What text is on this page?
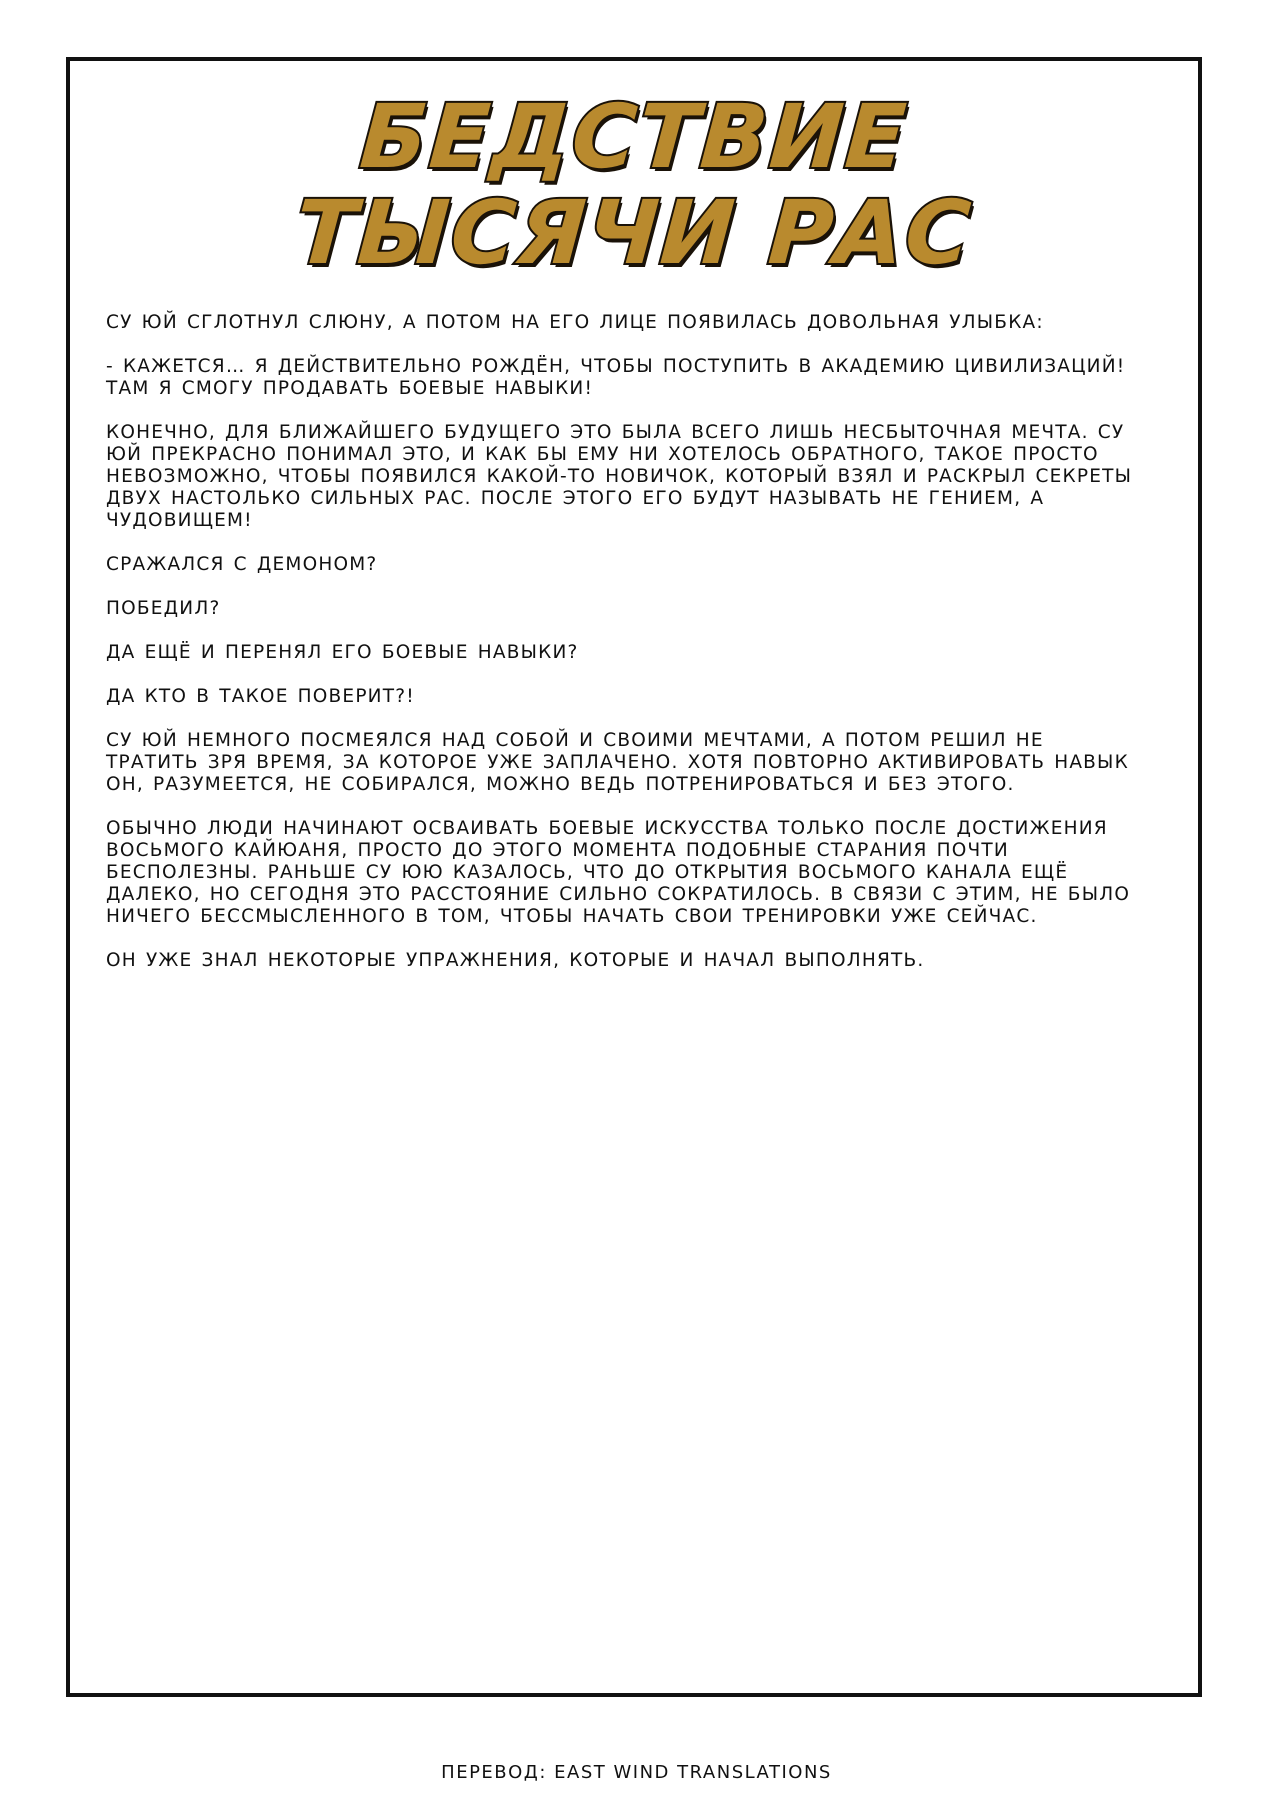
БЕДСТВИЕ
ТЫСЯЧИ РАС

СУ ЮЙ СГЛОТНУЛ СЛЮНУ, А ПОТОМ НА ЕГО ЛИЦЕ ПОЯВИЛАСЬ ДОВОЛЬНАЯ УЛЫБКА:

- КАЖЕТСЯ… Я ДЕЙСТВИТЕЛЬНО РОЖДЁН, ЧТОБЫ ПОСТУПИТЬ В АКАДЕМИЮ ЦИВИЛИЗАЦИЙ!
ТАМ Я СМОГУ ПРОДАВАТЬ БОЕВЫЕ НАВЫКИ!

КОНЕЧНО, ДЛЯ БЛИЖАЙШЕГО БУДУЩЕГО ЭТО БЫЛА ВСЕГО ЛИШЬ НЕСБЫТОЧНАЯ МЕЧТА. СУ
ЮЙ ПРЕКРАСНО ПОНИМАЛ ЭТО, И КАК БЫ ЕМУ НИ ХОТЕЛОСЬ ОБРАТНОГО, ТАКОЕ ПРОСТО
НЕВОЗМОЖНО, ЧТОБЫ ПОЯВИЛСЯ КАКОЙ-ТО НОВИЧОК, КОТОРЫЙ ВЗЯЛ И РАСКРЫЛ СЕКРЕТЫ
ДВУХ НАСТОЛЬКО СИЛЬНЫХ РАС. ПОСЛЕ ЭТОГО ЕГО БУДУТ НАЗЫВАТЬ НЕ ГЕНИЕМ, А
ЧУДОВИЩЕМ!

СРАЖАЛСЯ С ДЕМОНОМ?

ПОБЕДИЛ?

ДА ЕЩЁ И ПЕРЕНЯЛ ЕГО БОЕВЫЕ НАВЫКИ?

ДА КТО В ТАКОЕ ПОВЕРИТ?!

СУ ЮЙ НЕМНОГО ПОСМЕЯЛСЯ НАД СОБОЙ И СВОИМИ МЕЧТАМИ, А ПОТОМ РЕШИЛ НЕ
ТРАТИТЬ ЗРЯ ВРЕМЯ, ЗА КОТОРОЕ УЖЕ ЗАПЛАЧЕНО. ХОТЯ ПОВТОРНО АКТИВИРОВАТЬ НАВЫК
ОН, РАЗУМЕЕТСЯ, НЕ СОБИРАЛСЯ, МОЖНО ВЕДЬ ПОТРЕНИРОВАТЬСЯ И БЕЗ ЭТОГО.

ОБЫЧНО ЛЮДИ НАЧИНАЮТ ОСВАИВАТЬ БОЕВЫЕ ИСКУССТВА ТОЛЬКО ПОСЛЕ ДОСТИЖЕНИЯ
ВОСЬМОГО КАЙЮАНЯ, ПРОСТО ДО ЭТОГО МОМЕНТА ПОДОБНЫЕ СТАРАНИЯ ПОЧТИ
БЕСПОЛЕЗНЫ. РАНЬШЕ СУ ЮЮ КАЗАЛОСЬ, ЧТО ДО ОТКРЫТИЯ ВОСЬМОГО КАНАЛА ЕЩЁ
ДАЛЕКО, НО СЕГОДНЯ ЭТО РАССТОЯНИЕ СИЛЬНО СОКРАТИЛОСЬ. В СВЯЗИ С ЭТИМ, НЕ БЫЛО
НИЧЕГО БЕССМЫСЛЕННОГО В ТОМ, ЧТОБЫ НАЧАТЬ СВОИ ТРЕНИРОВКИ УЖЕ СЕЙЧАС.

ОН УЖЕ ЗНАЛ НЕКОТОРЫЕ УПРАЖНЕНИЯ, КОТОРЫЕ И НАЧАЛ ВЫПОЛНЯТЬ.

ПЕРЕВОД: EAST WIND TRANSLATIONS
